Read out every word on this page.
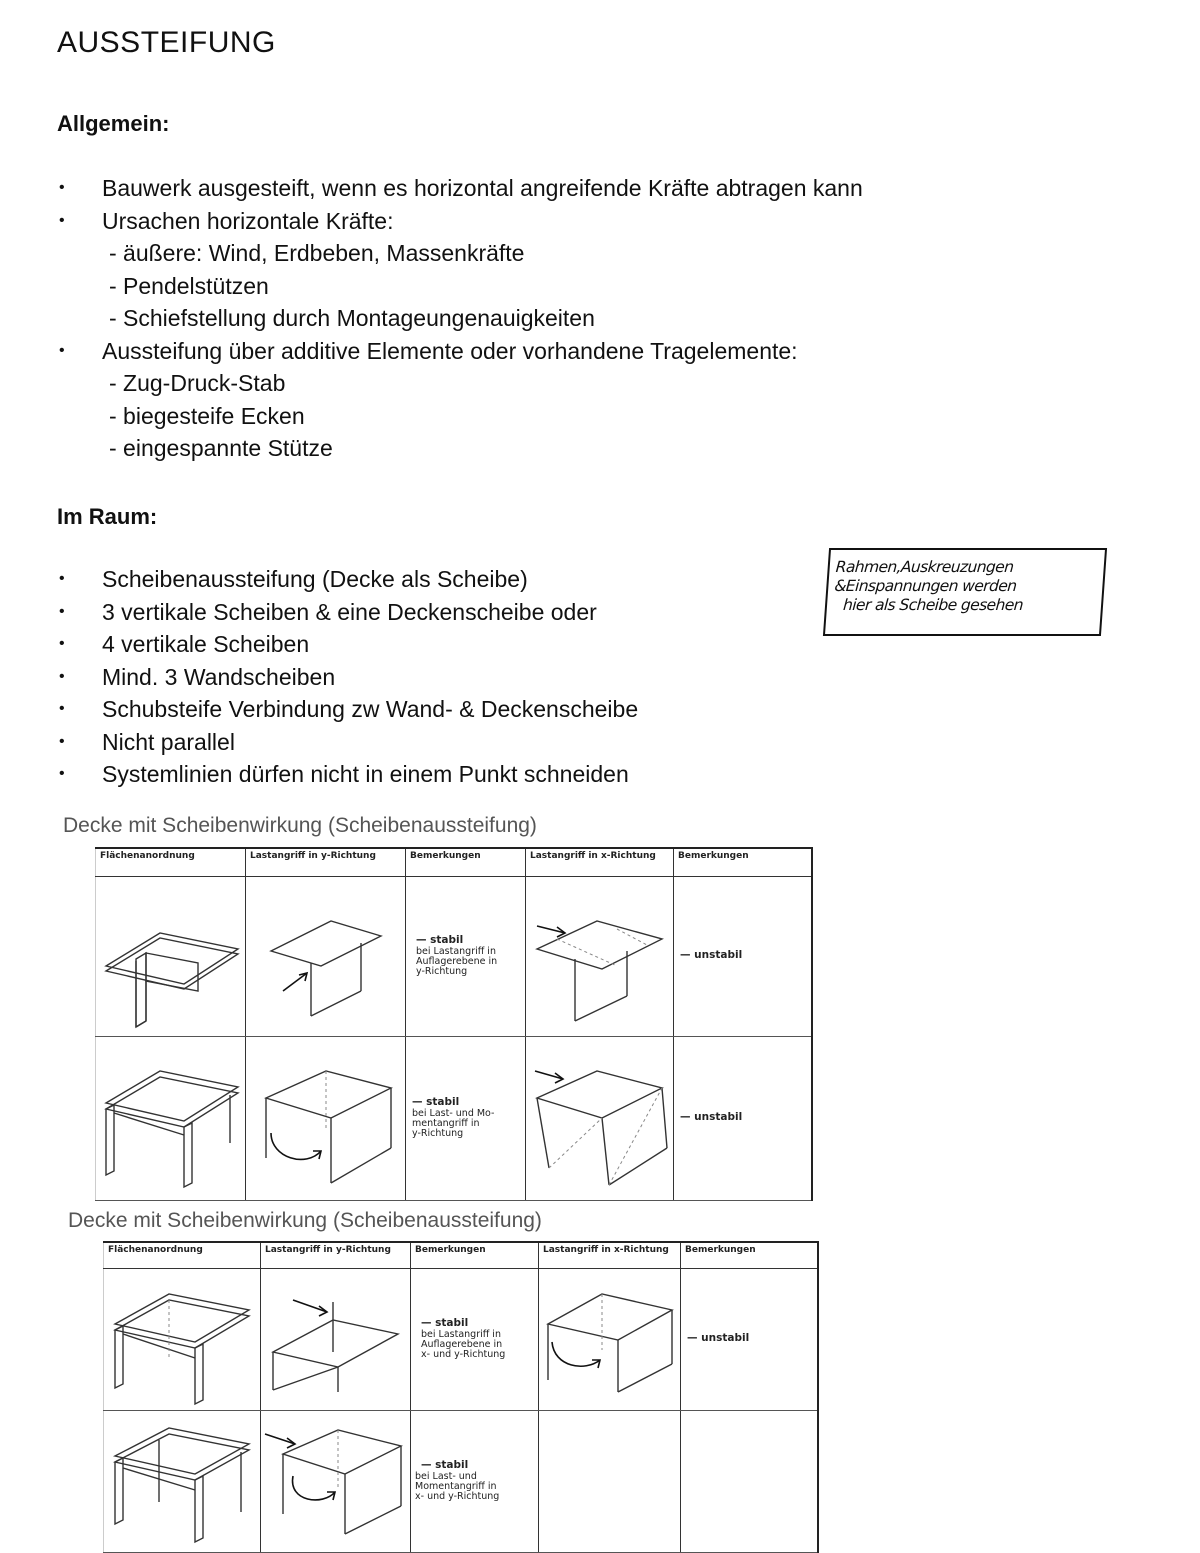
AUSSTEIFUNG
Allgemein:
• Bauwerk ausgesteift, wenn es horizontal angreifende Kräfte abtragen kann
• Ursachen horizontale Kräfte:
- äußere: Wind, Erdbeben, Massenkräfte
- Pendelstützen
- Schiefstellung durch Montageungenauigkeiten
• Aussteifung über additive Elemente oder vorhandene Tragelemente:
- Zug-Druck-Stab
- biegesteife Ecken
- eingespannte Stütze
Im Raum:
• Scheibenaussteifung (Decke als Scheibe)
• 3 vertikale Scheiben & eine Deckenscheibe oder
• 4 vertikale Scheiben
• Mind. 3 Wandscheiben
• Schubsteife Verbindung zw Wand- & Deckenscheibe
• Nicht parallel
• Systemlinien dürfen nicht in einem Punkt schneiden
Rahmen,Auskreuzungen
&Einspannungen werden
hier als Scheibe gesehen

Decke mit Scheibenwirkung (Scheibenaussteifung)

Flächenanordnung	Lastangriff in y-Richtung	Bemerkungen	Lastangriff in x-Richtung	Bemerkungen

— stabil
bei Lastangriff in
Auflagerebene in
y-Richtung		— unstabil

— stabil
bei Last- und Mo-
mentangriff in
y-Richtung		— unstabil

Decke mit Scheibenwirkung (Scheibenaussteifung)

Flächenanordnung	Lastangriff in y-Richtung	Bemerkungen	Lastangriff in x-Richtung	Bemerkungen

— stabil
bei Lastangriff in
Auflagerebene in
x- und y-Richtung		— unstabil

— stabil
bei Last- und
Momentangriff in
x- und y-Richtung		
